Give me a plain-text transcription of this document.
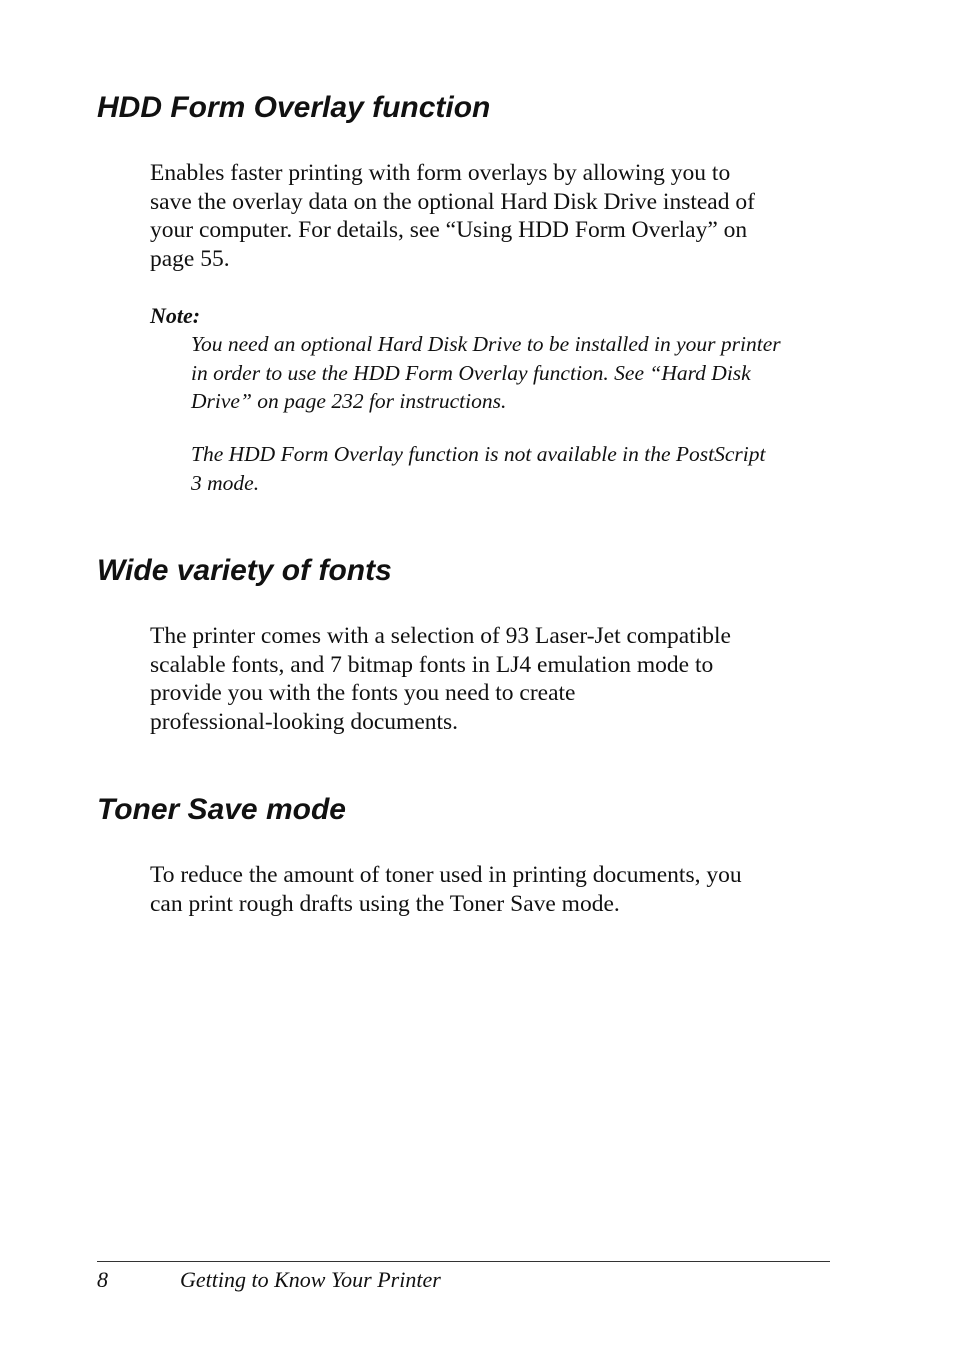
HDD Form Overlay function

Enables faster printing with form overlays by allowing you to
save the overlay data on the optional Hard Disk Drive instead of
your computer. For details, see “Using HDD Form Overlay” on
page 55.

Note:

You need an optional Hard Disk Drive to be installed in your printer
in order to use the HDD Form Overlay function. See “Hard Disk
Drive” on page 232 for instructions.

The HDD Form Overlay function is not available in the PostScript
3 mode.

Wide variety of fonts

The printer comes with a selection of 93 Laser-Jet compatible
scalable fonts, and 7 bitmap fonts in LJ4 emulation mode to
provide you with the fonts you need to create
professional-looking documents.

Toner Save mode

To reduce the amount of toner used in printing documents, you
can print rough drafts using the Toner Save mode.

8	Getting to Know Your Printer
